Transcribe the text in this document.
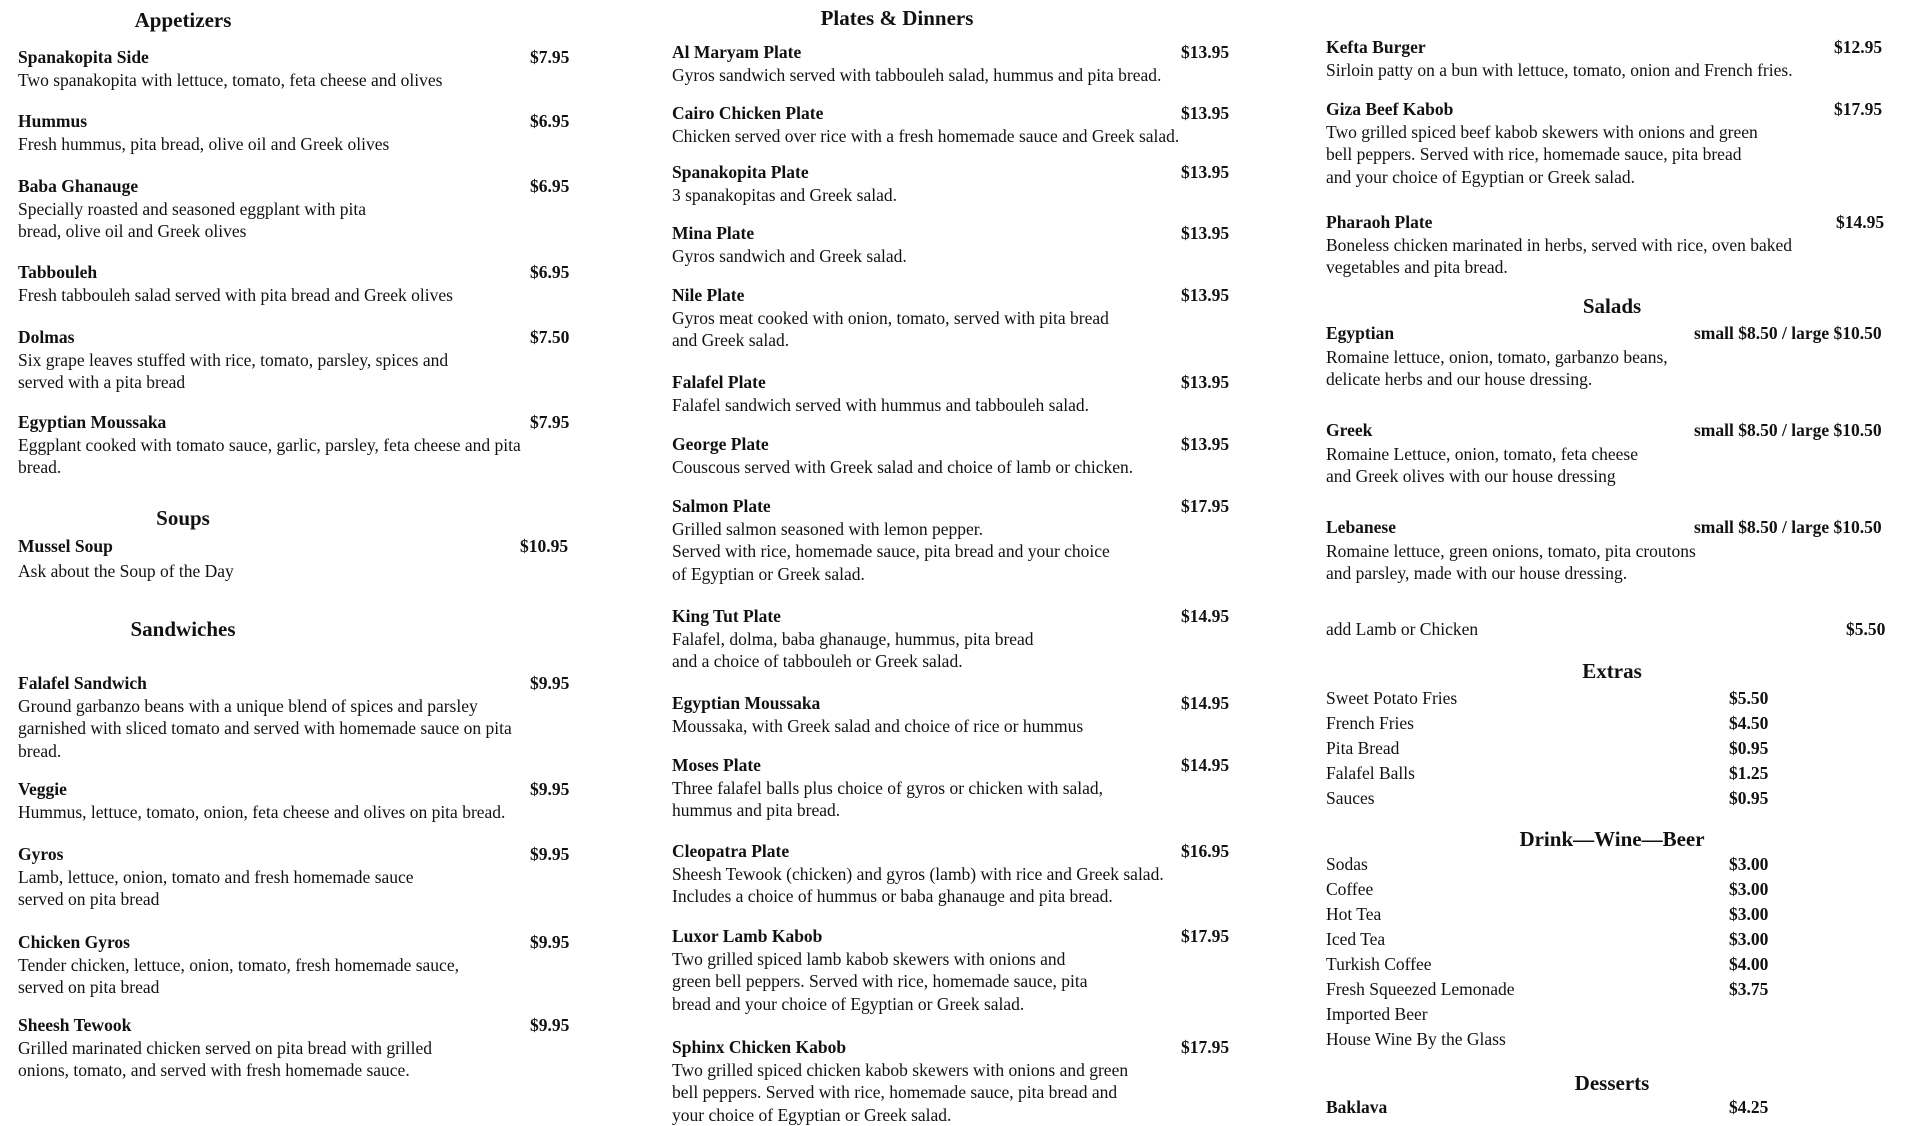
Appetizers
Spanakopita Side	$7.95
Two spanakopita with lettuce, tomato, feta cheese and olives
Hummus	$6.95
Fresh hummus, pita bread, olive oil and Greek olives
Baba Ghanauge	$6.95
Specially roasted and seasoned eggplant with pita
bread, olive oil and Greek olives
Tabbouleh	$6.95
Fresh tabbouleh salad served with pita bread and Greek olives
Dolmas	$7.50
Six grape leaves stuffed with rice, tomato, parsley, spices and
served with a pita bread
Egyptian Moussaka	$7.95
Eggplant cooked with tomato sauce, garlic, parsley, feta cheese and pita
bread.
Soups
Mussel Soup	$10.95
Ask about the Soup of the Day
Sandwiches
Falafel Sandwich	$9.95
Ground garbanzo beans with a unique blend of spices and parsley
garnished with sliced tomato and served with homemade sauce on pita
bread.
Veggie	$9.95
Hummus, lettuce, tomato, onion, feta cheese and olives on pita bread.
Gyros	$9.95
Lamb, lettuce, onion, tomato and fresh homemade sauce
served on pita bread
Chicken Gyros	$9.95
Tender chicken, lettuce, onion, tomato, fresh homemade sauce,
served on pita bread
Sheesh Tewook	$9.95
Grilled marinated chicken served on pita bread with grilled
onions, tomato, and served with fresh homemade sauce.
Plates & Dinners
Al Maryam Plate	$13.95
Gyros sandwich served with tabbouleh salad, hummus and pita bread.
Cairo Chicken Plate	$13.95
Chicken served over rice with a fresh homemade sauce and Greek salad.
Spanakopita Plate	$13.95
3 spanakopitas and Greek salad.
Mina Plate	$13.95
Gyros sandwich and Greek salad.
Nile Plate	$13.95
Gyros meat cooked with onion, tomato, served with pita bread
and Greek salad.
Falafel Plate	$13.95
Falafel sandwich served with hummus and tabbouleh salad.
George Plate	$13.95
Couscous served with Greek salad and choice of lamb or chicken.
Salmon Plate	$17.95
Grilled salmon seasoned with lemon pepper.
Served with rice, homemade sauce, pita bread and your choice
of Egyptian or Greek salad.
King Tut Plate	$14.95
Falafel, dolma, baba ghanauge, hummus, pita bread
and a choice of tabbouleh or Greek salad.
Egyptian Moussaka	$14.95
Moussaka, with Greek salad and choice of rice or hummus
Moses Plate	$14.95
Three falafel balls plus choice of gyros or chicken with salad,
hummus and pita bread.
Cleopatra Plate	$16.95
Sheesh Tewook (chicken) and gyros (lamb) with rice and Greek salad.
Includes a choice of hummus or baba ghanauge and pita bread.
Luxor Lamb Kabob	$17.95
Two grilled spiced lamb kabob skewers with onions and
green bell peppers. Served with rice, homemade sauce, pita
bread and your choice of Egyptian or Greek salad.
Sphinx Chicken Kabob	$17.95
Two grilled spiced chicken kabob skewers with onions and green
bell peppers. Served with rice, homemade sauce, pita bread and
your choice of Egyptian or Greek salad.
Kefta Burger	$12.95
Sirloin patty on a bun with lettuce, tomato, onion and French fries.
Giza Beef Kabob	$17.95
Two grilled spiced beef kabob skewers with onions and green
bell peppers. Served with rice, homemade sauce, pita bread
and your choice of Egyptian or Greek salad.
Pharaoh Plate	$14.95
Boneless chicken marinated in herbs, served with rice, oven baked
vegetables and pita bread.
Salads
Egyptian	small $8.50 / large $10.50
Romaine lettuce, onion, tomato, garbanzo beans,
delicate herbs and our house dressing.
Greek	small $8.50 / large $10.50
Romaine Lettuce, onion, tomato, feta cheese
and Greek olives with our house dressing
Lebanese	small $8.50 / large $10.50
Romaine lettuce, green onions, tomato, pita croutons
and parsley, made with our house dressing.
add Lamb or Chicken	$5.50
Extras
Sweet Potato Fries	$5.50
French Fries	$4.50
Pita Bread	$0.95
Falafel Balls	$1.25
Sauces	$0.95
Drink—Wine—Beer
Sodas	$3.00
Coffee	$3.00
Hot Tea	$3.00
Iced Tea	$3.00
Turkish Coffee	$4.00
Fresh Squeezed Lemonade	$3.75
Imported Beer
House Wine By the Glass
Desserts
Baklava	$4.25
